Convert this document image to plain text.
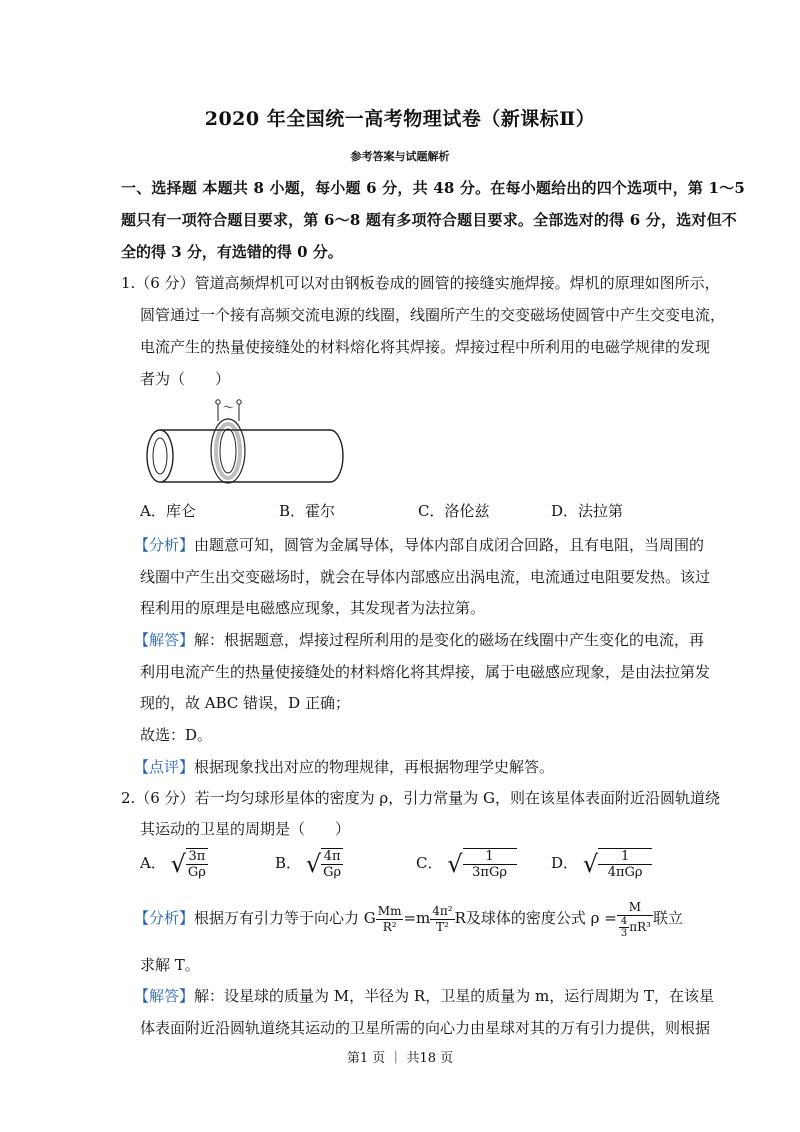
2020 年全国统一高考物理试卷（新课标Ⅱ）
参考答案与试题解析
一、选择题 本题共 8 小题，每小题 6 分，共 48 分。在每小题给出的四个选项中，第 1～5
题只有一项符合题目要求，第 6～8 题有多项符合题目要求。全部选对的得 6 分，选对但不
全的得 3 分，有选错的得 0 分。
1.（6 分）管道高频焊机可以对由钢板卷成的圆管的接缝实施焊接。焊机的原理如图所示，
圆管通过一个接有高频交流电源的线圈，线圈所产生的交变磁场使圆管中产生交变电流，
电流产生的热量使接缝处的材料熔化将其焊接。焊接过程中所利用的电磁学规律的发现
者为（　　）
～
A．库仑	B．霍尔	C．洛伦兹	D．法拉第
【分析】由题意可知，圆管为金属导体，导体内部自成闭合回路，且有电阻，当周围的
线圈中产生出交变磁场时，就会在导体内部感应出涡电流，电流通过电阻要发热。该过
程利用的原理是电磁感应现象，其发现者为法拉第。
【解答】解：根据题意，焊接过程所利用的是变化的磁场在线圈中产生变化的电流，再
利用电流产生的热量使接缝处的材料熔化将其焊接，属于电磁感应现象，是由法拉第发
现的，故 ABC 错误，D 正确；
故选：D。
【点评】根据现象找出对应的物理规律，再根据物理学史解答。
2.（6 分）若一均匀球形星体的密度为 ρ，引力常量为 G，则在该星体表面附近沿圆轨道绕
其运动的卫星的周期是（　　）
A． √ $\frac{3\pi}{G\rho}$	B． √ $\frac{4\pi}{G\rho}$	C． √ $\frac{1}{\text{3πGρ}}$ D． √ $\frac{1}{\text{4πGρ}}$
【分析】根据万有引力等于向心力 G $\frac{Mm}{\text{R²}} =m \frac{\text{4π²}}{\text{T²}}$ R及球体的密度公式 $\rho = \frac{M}{\frac{4}{3} \pi R^3}$ 联立
求解 T。
【解答】解：设星球的质量为 M，半径为 R，卫星的质量为 m，运行周期为 T，在该星
体表面附近沿圆轨道绕其运动的卫星所需的向心力由星球对其的万有引力提供，则根据
第1 页 ｜ 共18 页
